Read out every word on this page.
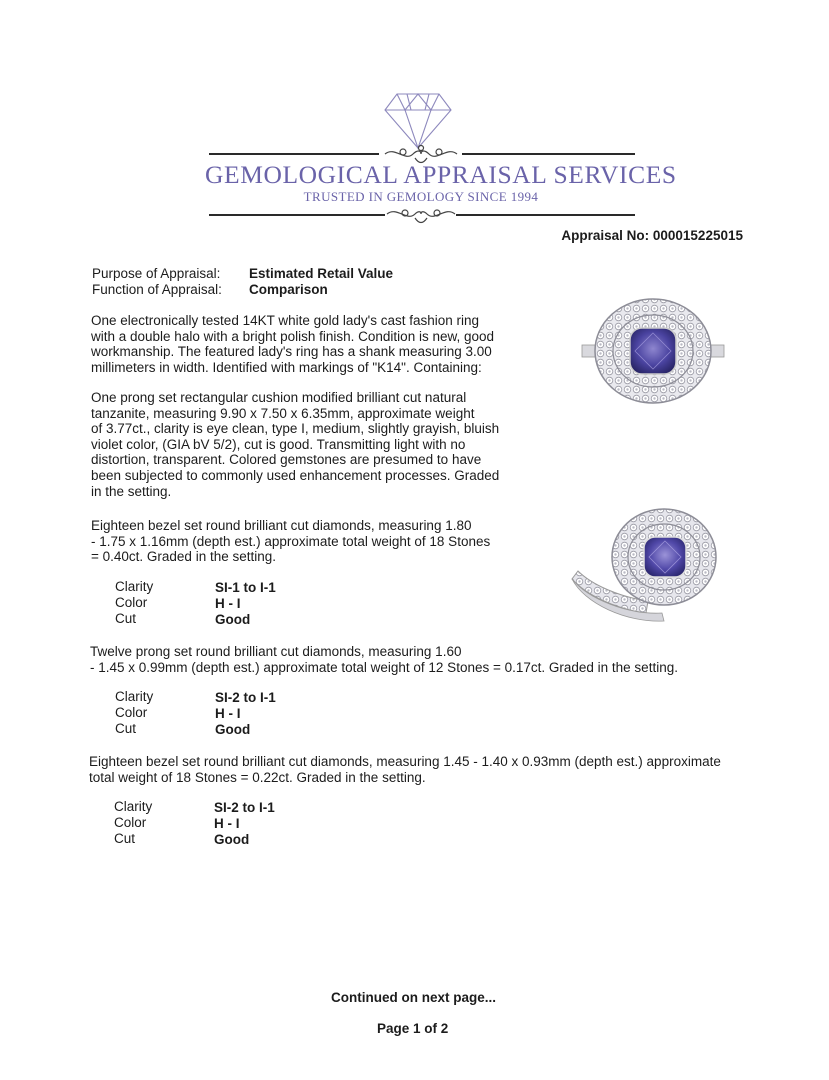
GEMOLOGICAL APPRAISAL SERVICES
TRUSTED IN GEMOLOGY SINCE 1994
Appraisal No: 000015225015
Purpose of Appraisal: Estimated Retail Value
Function of Appraisal: Comparison
One electronically tested 14KT white gold lady's cast fashion ring
with a double halo with a bright polish finish. Condition is new, good
workmanship. The featured lady's ring has a shank measuring 3.00
millimeters in width. Identified with markings of "K14". Containing:
One prong set rectangular cushion modified brilliant cut natural
tanzanite, measuring 9.90 x 7.50 x 6.35mm, approximate weight
of 3.77ct., clarity is eye clean, type I, medium, slightly grayish, bluish
violet color, (GIA bV 5/2), cut is good. Transmitting light with no
distortion, transparent. Colored gemstones are presumed to have
been subjected to commonly used enhancement processes. Graded
in the setting.
Eighteen bezel set round brilliant cut diamonds, measuring 1.80
- 1.75 x 1.16mm (depth est.) approximate total weight of 18 Stones
= 0.40ct. Graded in the setting.
Clarity
Color
Cut
SI-1 to I-1
H - I
Good
Twelve prong set round brilliant cut diamonds, measuring 1.60
- 1.45 x 0.99mm (depth est.) approximate total weight of 12 Stones = 0.17ct. Graded in the setting.
Clarity
Color
Cut
SI-2 to I-1
H - I
Good
Eighteen bezel set round brilliant cut diamonds, measuring 1.45 - 1.40 x 0.93mm (depth est.) approximate
total weight of 18 Stones = 0.22ct. Graded in the setting.
Clarity
Color
Cut
SI-2 to I-1
H - I
Good
Continued on next page...
Page 1 of 2
